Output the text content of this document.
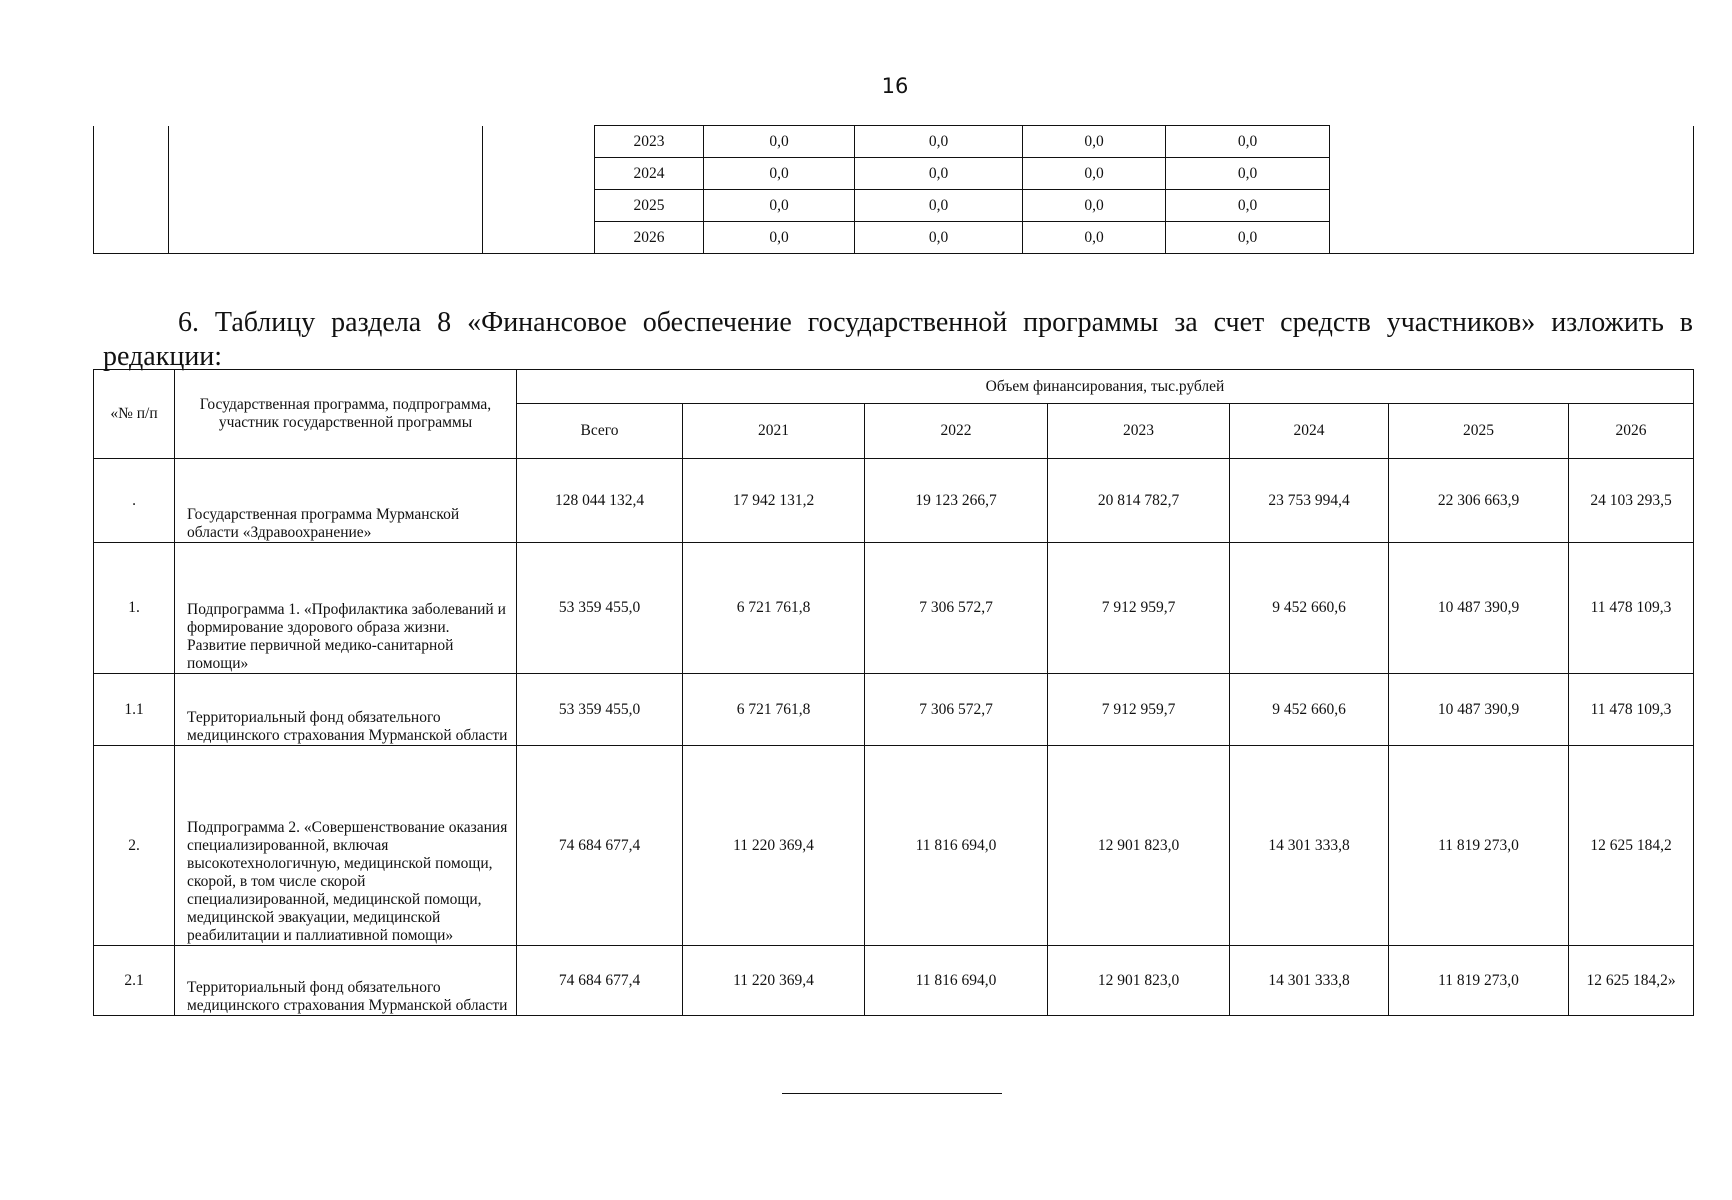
16
			2023	0,0	0,0	0,0	0,0	
			2024	0,0	0,0	0,0	0,0	
			2025	0,0	0,0	0,0	0,0	
			2026	0,0	0,0	0,0	0,0	
6. Таблицу раздела 8 «Финансовое обеспечение государственной программы за счет средств участников» изложить в редакции:
«№ п/п	Государственная программа, подпрограмма, участник государственной программы	Объем финансирования, тыс.рублей						
		Всего	2021	2022	2023	2024	2025	2026
.	Государственная программа Мурманской области «Здравоохранение»	128 044 132,4	17 942 131,2	19 123 266,7	20 814 782,7	23 753 994,4	22 306 663,9	24 103 293,5
1.	Подпрограмма 1. «Профилактика заболеваний и формирование здорового образа жизни. Развитие первичной медико-санитарной помощи»	53 359 455,0	6 721 761,8	7 306 572,7	7 912 959,7	9 452 660,6	10 487 390,9	11 478 109,3
1.1	Территориальный фонд обязательного медицинского страхования Мурманской области	53 359 455,0	6 721 761,8	7 306 572,7	7 912 959,7	9 452 660,6	10 487 390,9	11 478 109,3
2.	Подпрограмма 2. «Совершенствование оказания специализированной, включая высокотехнологичную, медицинской помощи, скорой, в том числе скорой специализированной, медицинской помощи, медицинской эвакуации, медицинской реабилитации и паллиативной помощи»	74 684 677,4	11 220 369,4	11 816 694,0	12 901 823,0	14 301 333,8	11 819 273,0	12 625 184,2
2.1	Территориальный фонд обязательного медицинского страхования Мурманской области	74 684 677,4	11 220 369,4	11 816 694,0	12 901 823,0	14 301 333,8	11 819 273,0	12 625 184,2»
